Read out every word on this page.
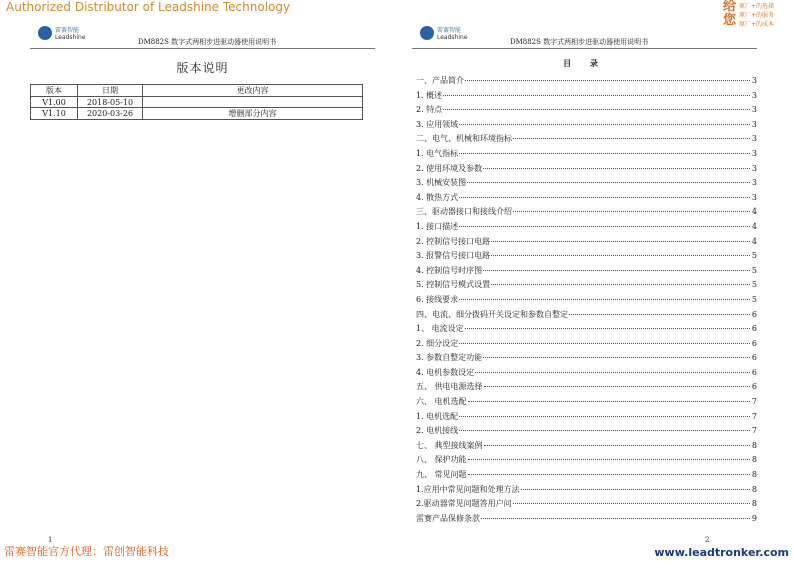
Authorized Distributor of Leadshine Technology	给您
原厂+的选择
原厂+的服务
原厂+的成本
雷赛智能
Leadshine
DM882S 数字式两相步进驱动器使用说明书
版本说明
版本	日期	更改内容
V1.00	2018-05-10	
V1.10	2020-03-26	增删部分内容
1
雷赛智能
Leadshine
DM882S 数字式两相步进驱动器使用说明书
目 录
一、产品简介	3
1. 概述	3
2. 特点	3
3. 应用领域	3
二、电气、机械和环境指标	3
1. 电气指标	3
2. 使用环境及参数	3
3. 机械安装图	3
4. 散热方式	3
三、驱动器接口和接线介绍	4
1. 接口描述	4
2. 控制信号接口电路	4
3. 报警信号接口电路	5
4. 控制信号时序图	5
5. 控制信号模式设置	5
6. 接线要求	5
四、电流、细分拨码开关设定和参数自整定	6
1、 电流设定	6
2. 细分设定	6
3. 参数自整定功能	6
4. 电机参数设定	6
五、 供电电源选择	6
六、 电机选配	7
1. 电机选配	7
2. 电机接线	7
七、 典型接线案例	8
八、 保护功能	8
九、 常见问题	8
1.应用中常见问题和处理方法	8
2.驱动器常见问题答用户问	8
雷赛产品保修条款	9
2
雷赛智能官方代理：雷创智能科技	www.leadtronker.com
